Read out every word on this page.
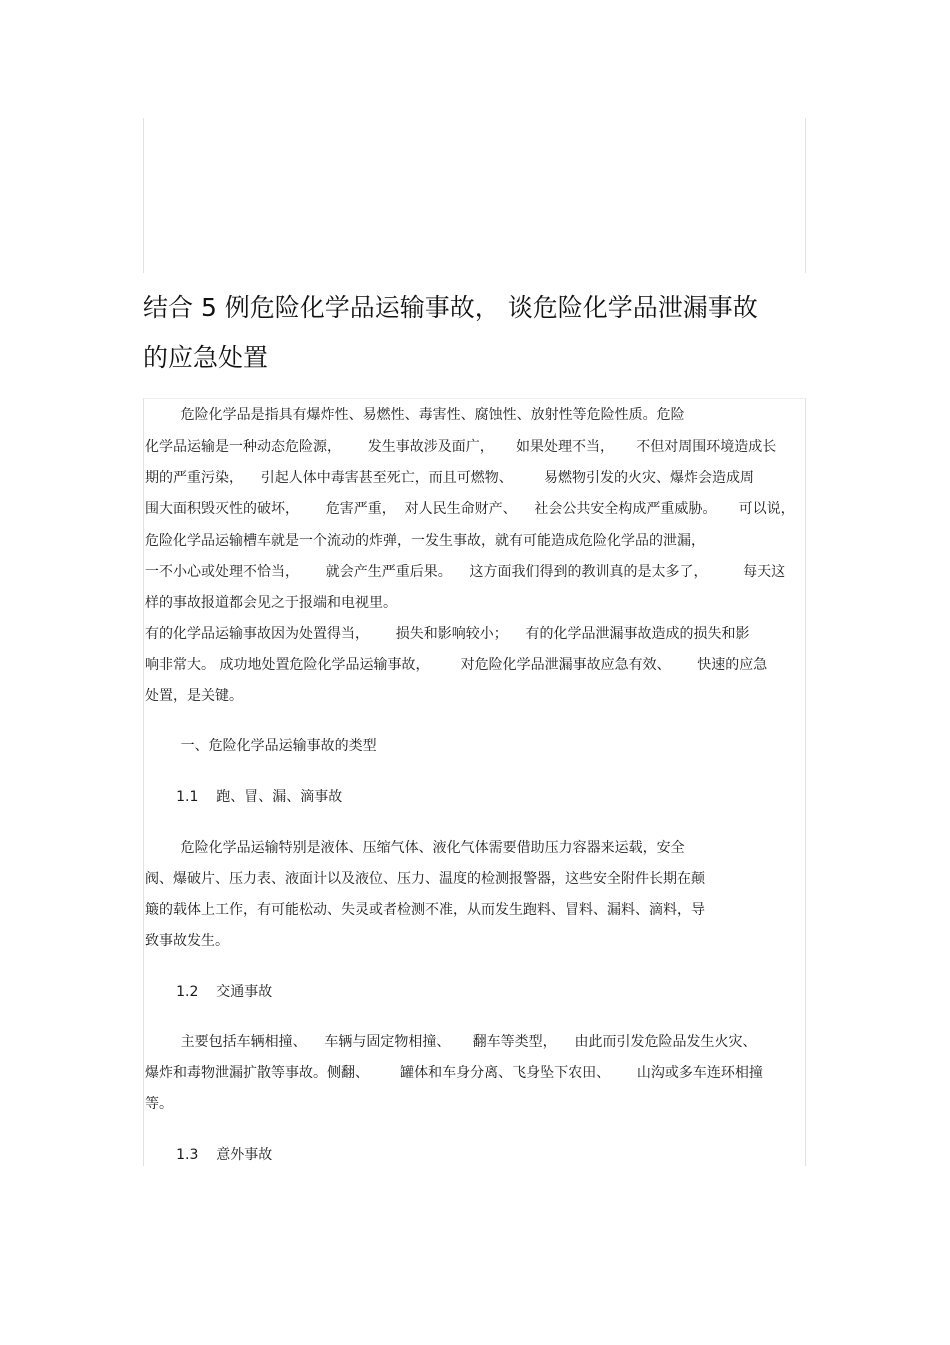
结合 5 例危险化学品运输事故， 谈危险化学品泄漏事故
的应急处置
危险化学品是指具有爆炸性、易燃性、毒害性、腐蚀性、放射性等危险性质。危险
化学品运输是一种动态危险源，      发生事故涉及面广，     如果处理不当，     不但对周围环境造成长
期的严重污染，    引起人体中毒害甚至死亡，而且可燃物、       易燃物引发的火灾、爆炸会造成周
围大面积毁灭性的破坏，      危害严重，  对人民生命财产、    社会公共安全构成严重威胁。     可以说，
危险化学品运输槽车就是一个流动的炸弹，一发生事故，就有可能造成危险化学品的泄漏，
一不小心或处理不恰当，      就会产生严重后果。    这方面我们得到的教训真的是太多了，        每天这
样的事故报道都会见之于报端和电视里。
有的化学品运输事故因为处置得当，      损失和影响较小；    有的化学品泄漏事故造成的损失和影
响非常大。 成功地处置危险化学品运输事故，       对危险化学品泄漏事故应急有效、      快速的应急
处置，是关键。
一、危险化学品运输事故的类型
1.1    跑、冒、漏、滴事故
危险化学品运输特别是液体、压缩气体、液化气体需要借助压力容器来运载，安全
阀、爆破片、压力表、液面计以及液位、压力、温度的检测报警器，这些安全附件长期在颠
簸的载体上工作，有可能松动、失灵或者检测不准，从而发生跑料、冒料、漏料、滴料，导
致事故发生。
1.2    交通事故
主要包括车辆相撞、    车辆与固定物相撞、     翻车等类型，    由此而引发危险品发生火灾、
爆炸和毒物泄漏扩散等事故。侧翻、       罐体和车身分离、飞身坠下农田、      山沟或多车连环相撞
等。
1.3    意外事故
